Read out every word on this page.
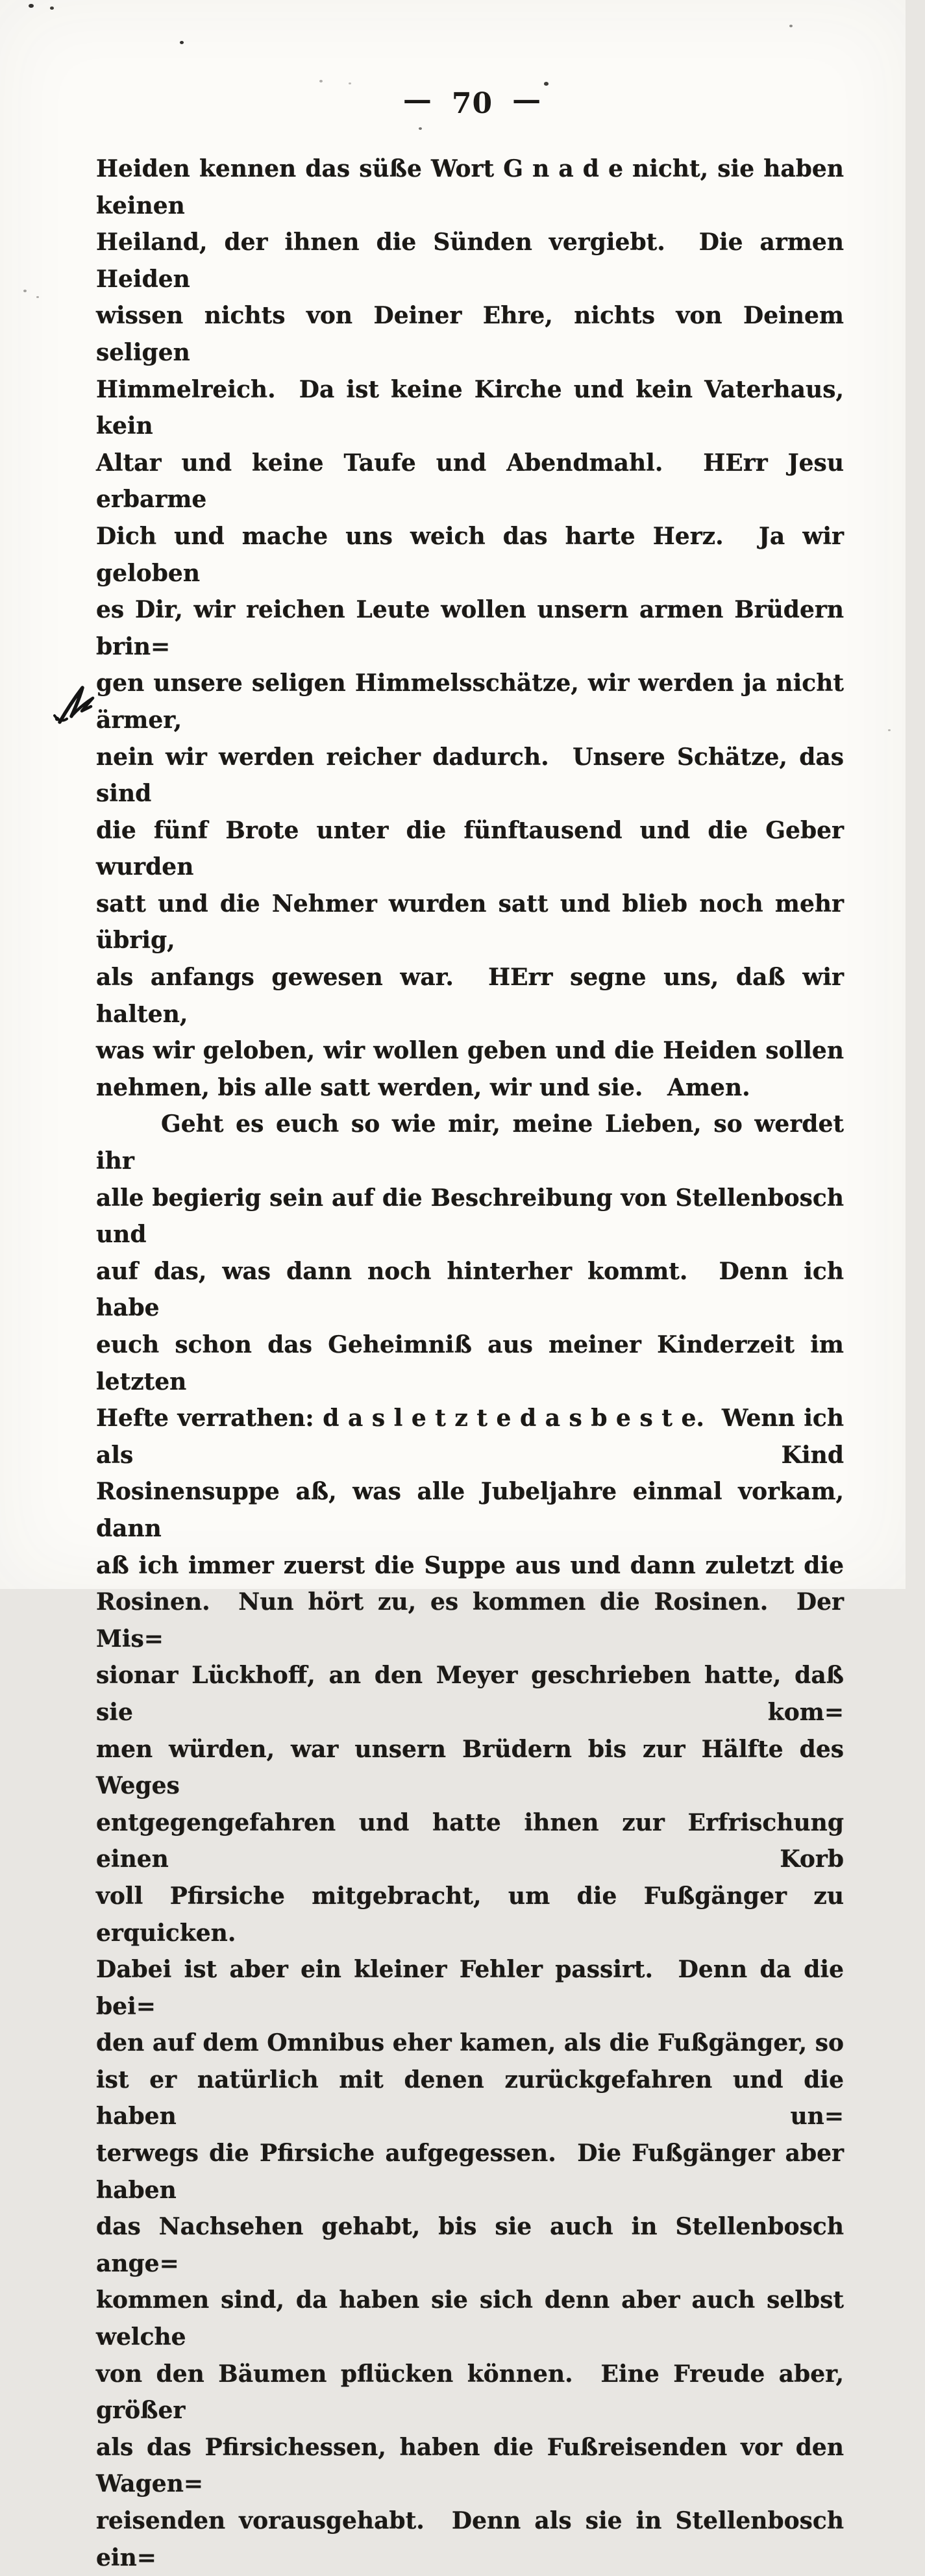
— 70 —
Heiden kennen das süße Wort G n a d e nicht, sie haben keinen
Heiland, der ihnen die Sünden vergiebt.  Die armen Heiden
wissen nichts von Deiner Ehre, nichts von Deinem seligen
Himmelreich.  Da ist keine Kirche und kein Vaterhaus, kein
Altar und keine Taufe und Abendmahl.  HErr Jesu erbarme
Dich und mache uns weich das harte Herz.  Ja wir geloben
es Dir, wir reichen Leute wollen unsern armen Brüdern brin=
gen unsere seligen Himmelsschätze, wir werden ja nicht ärmer,
nein wir werden reicher dadurch.  Unsere Schätze, das sind
die fünf Brote unter die fünftausend und die Geber wurden
satt und die Nehmer wurden satt und blieb noch mehr übrig,
als anfangs gewesen war.  HErr segne uns, daß wir halten,
was wir geloben, wir wollen geben und die Heiden sollen
nehmen, bis alle satt werden, wir und sie.   Amen.
Geht es euch so wie mir, meine Lieben, so werdet ihr
alle begierig sein auf die Beschreibung von Stellenbosch und
auf das, was dann noch hinterher kommt.  Denn ich habe
euch schon das Geheimniß aus meiner Kinderzeit im letzten
Hefte verrathen: d a s l e t z t e d a s b e s t e.  Wenn ich als Kind
Rosinensuppe aß, was alle Jubeljahre einmal vorkam, dann
aß ich immer zuerst die Suppe aus und dann zuletzt die
Rosinen.  Nun hört zu, es kommen die Rosinen.  Der Mis=
sionar Lückhoff, an den Meyer geschrieben hatte, daß sie kom=
men würden, war unsern Brüdern bis zur Hälfte des Weges
entgegengefahren und hatte ihnen zur Erfrischung einen Korb
voll Pfirsiche mitgebracht, um die Fußgänger zu erquicken.
Dabei ist aber ein kleiner Fehler passirt.  Denn da die bei=
den auf dem Omnibus eher kamen, als die Fußgänger, so
ist er natürlich mit denen zurückgefahren und die haben un=
terwegs die Pfirsiche aufgegessen.  Die Fußgänger aber haben
das Nachsehen gehabt, bis sie auch in Stellenbosch ange=
kommen sind, da haben sie sich denn aber auch selbst welche
von den Bäumen pflücken können.  Eine Freude aber, größer
als das Pfirsichessen, haben die Fußreisenden vor den Wagen=
reisenden vorausgehabt.  Denn als sie in Stellenbosch ein=
